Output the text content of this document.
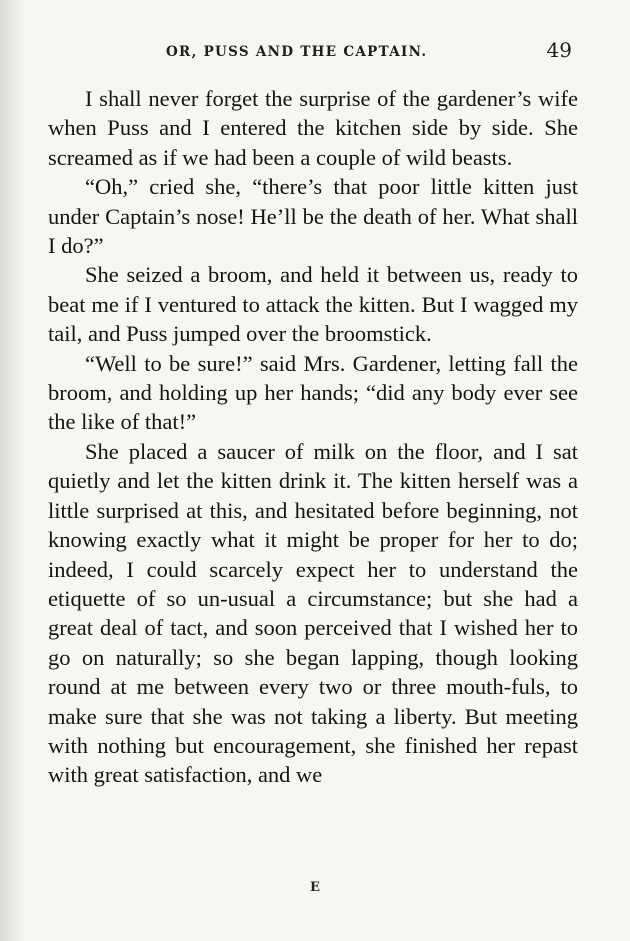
OR, PUSS AND THE CAPTAIN.	49

I shall never forget the surprise of the gardener’s wife when Puss and I entered the kitchen side by side. She screamed as if we had been a couple of wild beasts.

“Oh,” cried she, “there’s that poor little kitten just under Captain’s nose! He’ll be the death of her. What shall I do?”

She seized a broom, and held it between us, ready to beat me if I ventured to attack the kitten. But I wagged my tail, and Puss jumped over the broomstick.

“Well to be sure!” said Mrs. Gardener, letting fall the broom, and holding up her hands; “did any body ever see the like of that!”

She placed a saucer of milk on the floor, and I sat quietly and let the kitten drink it. The kitten herself was a little surprised at this, and hesitated before beginning, not knowing exactly what it might be proper for her to do; indeed, I could scarcely expect her to understand the etiquette of so un-usual a circumstance; but she had a great deal of tact, and soon perceived that I wished her to go on naturally; so she began lapping, though looking round at me between every two or three mouth-fuls, to make sure that she was not taking a liberty. But meeting with nothing but encouragement, she finished her repast with great satisfaction, and we

E
